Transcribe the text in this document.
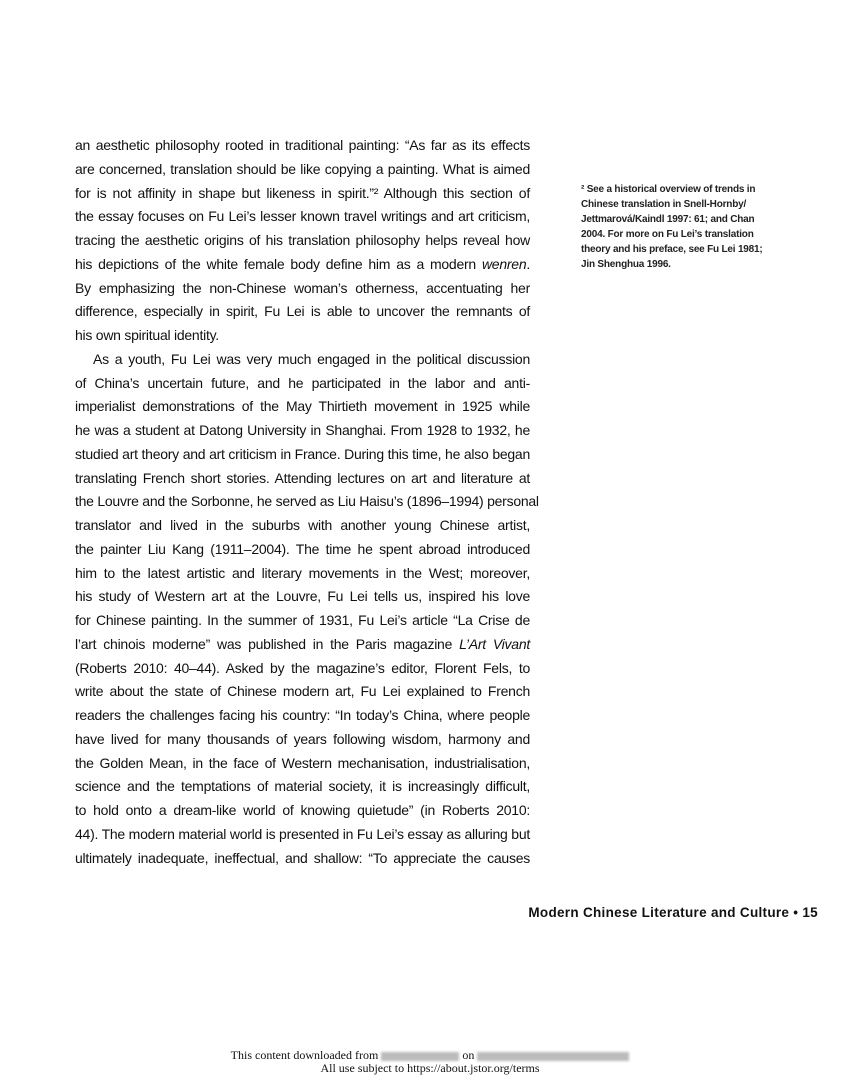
an aesthetic philosophy rooted in traditional painting: “As far as its effects
are concerned, translation should be like copying a painting. What is aimed
for is not affinity in shape but likeness in spirit.”² Although this section of
the essay focuses on Fu Lei’s lesser known travel writings and art criticism,
tracing the aesthetic origins of his translation philosophy helps reveal how
his depictions of the white female body define him as a modern wenren.
By emphasizing the non-Chinese woman’s otherness, accentuating her
difference, especially in spirit, Fu Lei is able to uncover the remnants of
his own spiritual identity.
As a youth, Fu Lei was very much engaged in the political discussion
of China’s uncertain future, and he participated in the labor and anti-
imperialist demonstrations of the May Thirtieth movement in 1925 while
he was a student at Datong University in Shanghai. From 1928 to 1932, he
studied art theory and art criticism in France. During this time, he also began
translating French short stories. Attending lectures on art and literature at
the Louvre and the Sorbonne, he served as Liu Haisu’s (1896–1994) personal
translator and lived in the suburbs with another young Chinese artist,
the painter Liu Kang (1911–2004). The time he spent abroad introduced
him to the latest artistic and literary movements in the West; moreover,
his study of Western art at the Louvre, Fu Lei tells us, inspired his love
for Chinese painting. In the summer of 1931, Fu Lei’s article “La Crise de
l’art chinois moderne” was published in the Paris magazine L’Art Vivant
(Roberts 2010: 40–44). Asked by the magazine’s editor, Florent Fels, to
write about the state of Chinese modern art, Fu Lei explained to French
readers the challenges facing his country: “In today’s China, where people
have lived for many thousands of years following wisdom, harmony and
the Golden Mean, in the face of Western mechanisation, industrialisation,
science and the temptations of material society, it is increasingly difficult,
to hold onto a dream-like world of knowing quietude” (in Roberts 2010:
44). The modern material world is presented in Fu Lei’s essay as alluring but
ultimately inadequate, ineffectual, and shallow: “To appreciate the causes
² See a historical overview of trends in
Chinese translation in Snell-Hornby/
Jettmarová/Kaindl 1997: 61; and Chan
2004. For more on Fu Lei’s translation
theory and his preface, see Fu Lei 1981;
Jin Shenghua 1996.
Modern Chinese Literature and Culture • 15
This content downloaded from	on
All use subject to https://about.jstor.org/terms
